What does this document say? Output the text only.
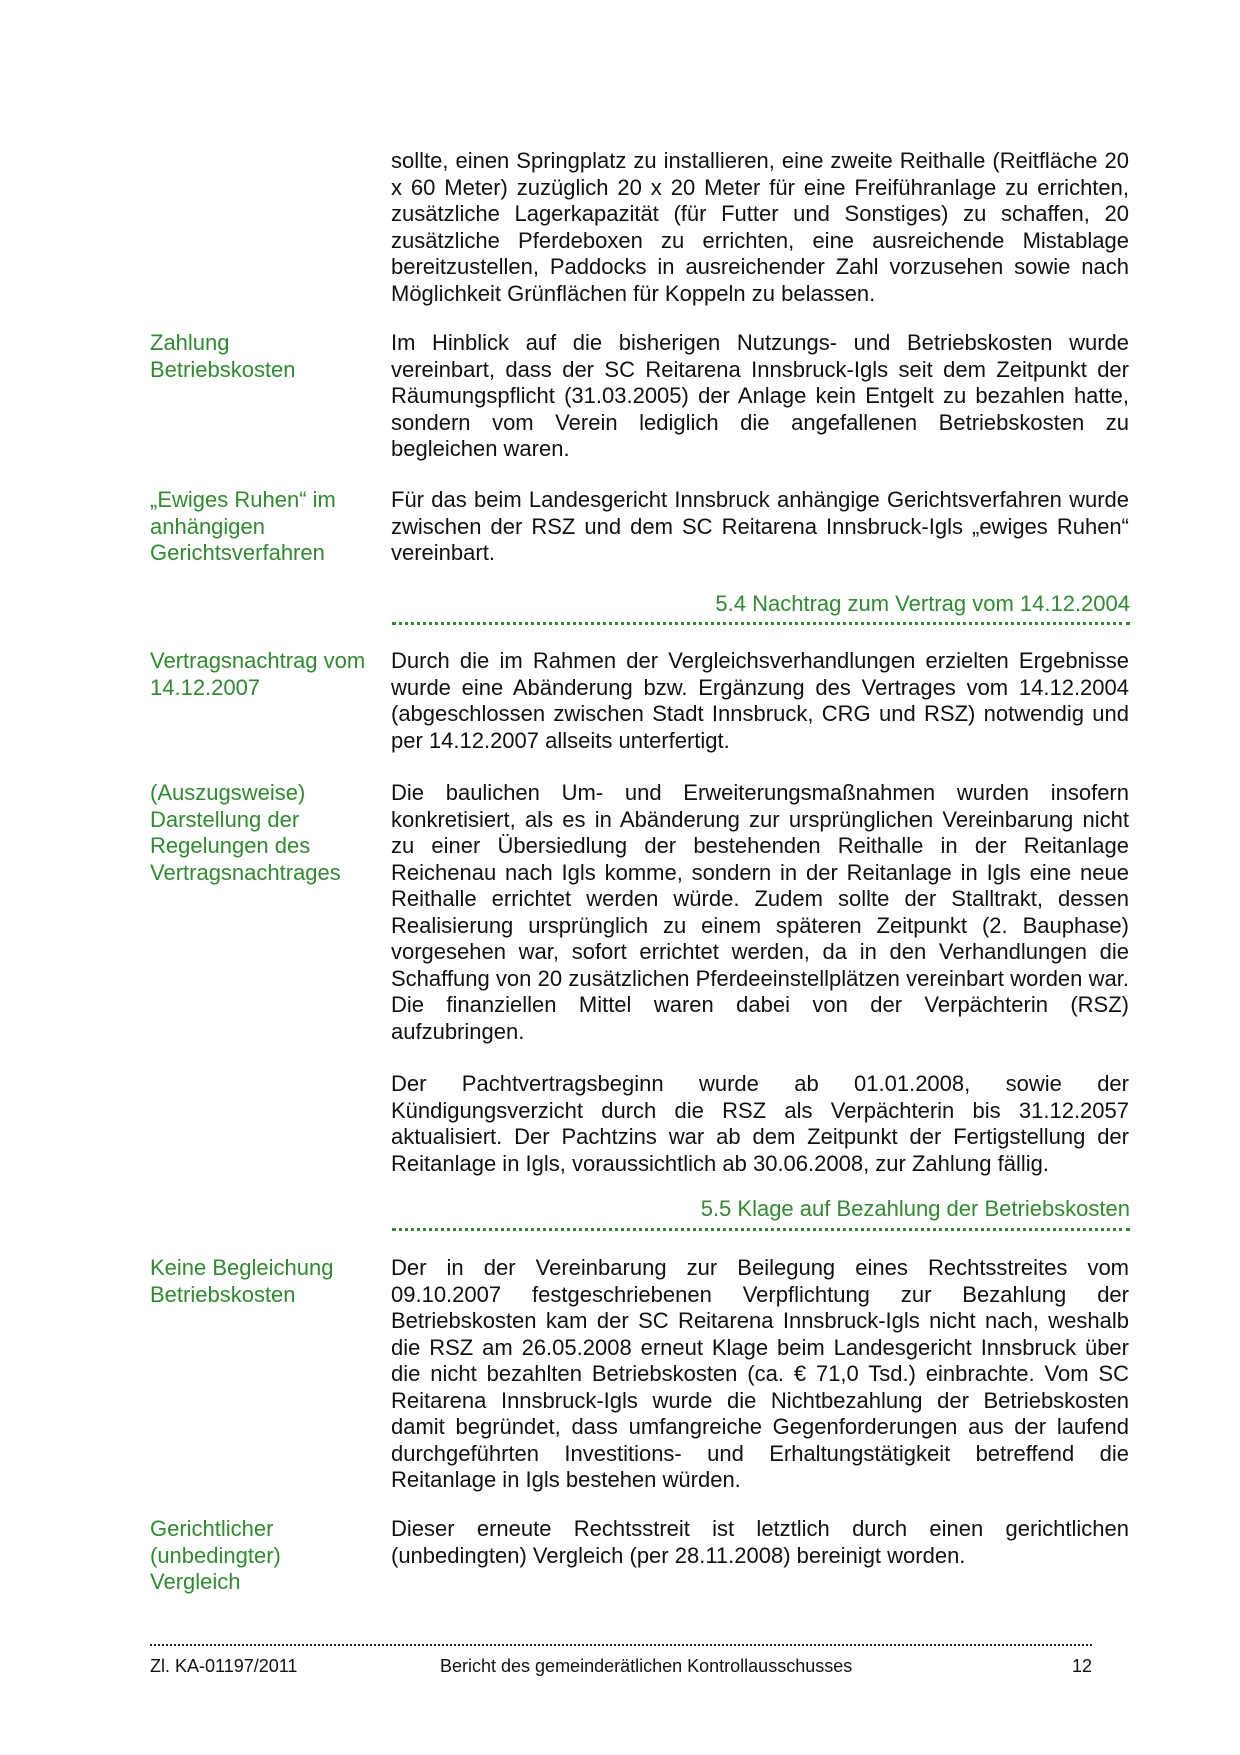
sollte, einen Springplatz zu installieren, eine zweite Reithalle (Reitfläche 20 x 60 Meter) zuzüglich 20 x 20 Meter für eine Freiführanlage zu errichten, zusätzliche Lagerkapazität (für Futter und Sonstiges) zu schaffen, 20 zusätzliche Pferdeboxen zu errichten, eine ausreichende Mistablage bereitzustellen, Paddocks in ausreichender Zahl vorzusehen sowie nach Möglichkeit Grünflächen für Koppeln zu belassen.

Zahlung Betriebskosten

Im Hinblick auf die bisherigen Nutzungs- und Betriebskosten wurde vereinbart, dass der SC Reitarena Innsbruck-Igls seit dem Zeitpunkt der Räumungspflicht (31.03.2005) der Anlage kein Entgelt zu bezahlen hatte, sondern vom Verein lediglich die angefallenen Betriebskosten zu begleichen waren.

„Ewiges Ruhen“ im anhängigen Gerichtsverfahren

Für das beim Landesgericht Innsbruck anhängige Gerichtsverfahren wurde zwischen der RSZ und dem SC Reitarena Innsbruck-Igls „ewiges Ruhen“ vereinbart.

5.4 Nachtrag zum Vertrag vom 14.12.2004
Vertragsnachtrag vom 14.12.2007

Durch die im Rahmen der Vergleichsverhandlungen erzielten Ergebnisse wurde eine Abänderung bzw. Ergänzung des Vertrages vom 14.12.2004 (abgeschlossen zwischen Stadt Innsbruck, CRG und RSZ) notwendig und per 14.12.2007 allseits unterfertigt.

(Auszugsweise) Darstellung der Regelungen des Vertragsnachtrages

Die baulichen Um- und Erweiterungsmaßnahmen wurden insofern konkretisiert, als es in Abänderung zur ursprünglichen Vereinbarung nicht zu einer Übersiedlung der bestehenden Reithalle in der Reitanlage Reichenau nach Igls komme, sondern in der Reitanlage in Igls eine neue Reithalle errichtet werden würde. Zudem sollte der Stalltrakt, dessen Realisierung ursprünglich zu einem späteren Zeitpunkt (2. Bauphase) vorgesehen war, sofort errichtet werden, da in den Verhandlungen die Schaffung von 20 zusätzlichen Pferdeeinstellplätzen vereinbart worden war. Die finanziellen Mittel waren dabei von der Verpächterin (RSZ) aufzubringen.

Der Pachtvertragsbeginn wurde ab 01.01.2008, sowie der Kündigungsverzicht durch die RSZ als Verpächterin bis 31.12.2057 aktualisiert. Der Pachtzins war ab dem Zeitpunkt der Fertigstellung der Reitanlage in Igls, voraussichtlich ab 30.06.2008, zur Zahlung fällig.

5.5 Klage auf Bezahlung der Betriebskosten
Keine Begleichung Betriebskosten

Der in der Vereinbarung zur Beilegung eines Rechtsstreites vom 09.10.2007 festgeschriebenen Verpflichtung zur Bezahlung der Betriebskosten kam der SC Reitarena Innsbruck-Igls nicht nach, weshalb die RSZ am 26.05.2008 erneut Klage beim Landesgericht Innsbruck über die nicht bezahlten Betriebskosten (ca. € 71,0 Tsd.) einbrachte. Vom SC Reitarena Innsbruck-Igls wurde die Nichtbezahlung der Betriebskosten damit begründet, dass umfangreiche Gegenforderungen aus der laufend durchgeführten Investitions- und Erhaltungstätigkeit betreffend die Reitanlage in Igls bestehen würden.

Gerichtlicher (unbedingter) Vergleich

Dieser erneute Rechtsstreit ist letztlich durch einen gerichtlichen (unbedingten) Vergleich (per 28.11.2008) bereinigt worden.

Zl. KA-01197/2011	Bericht des gemeinderätlichen Kontrollausschusses	12
